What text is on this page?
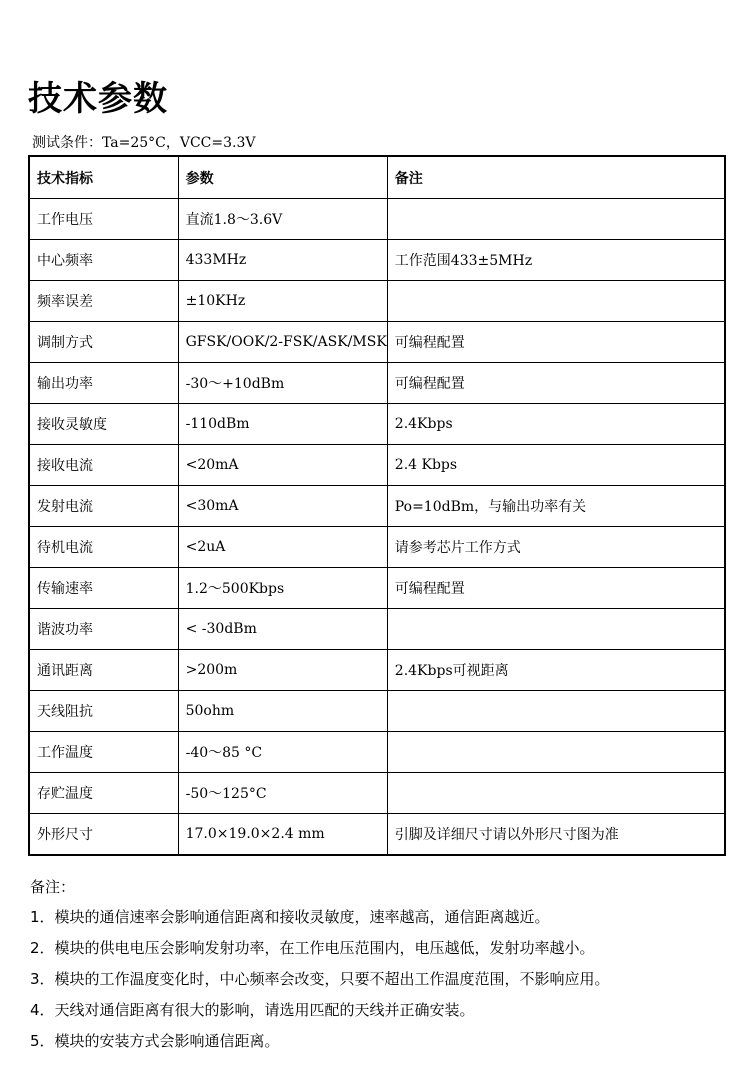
技术参数
测试条件：Ta=25°C，VCC=3.3V
技术指标	参数	备注
工作电压	直流1.8～3.6V	
中心频率	433MHz	工作范围433±5MHz
频率误差	±10KHz	
调制方式	GFSK/OOK/2-FSK/ASK/MSK	可编程配置
输出功率	-30～+10dBm	可编程配置
接收灵敏度	-110dBm	2.4Kbps
接收电流	<20mA	2.4 Kbps
发射电流	<30mA	Po=10dBm，与输出功率有关
待机电流	<2uA	请参考芯片工作方式
传输速率	1.2～500Kbps	可编程配置
谐波功率	< -30dBm	
通讯距离	>200m	2.4Kbps可视距离
天线阻抗	50ohm	
工作温度	-40～85 °C	
存贮温度	-50～125°C	
外形尺寸	17.0×19.0×2.4 mm	引脚及详细尺寸请以外形尺寸图为准
备注：
1．模块的通信速率会影响通信距离和接收灵敏度，速率越高，通信距离越近。
2．模块的供电电压会影响发射功率，在工作电压范围内，电压越低，发射功率越小。
3．模块的工作温度变化时，中心频率会改变，只要不超出工作温度范围，不影响应用。
4．天线对通信距离有很大的影响，请选用匹配的天线并正确安装。
5．模块的安装方式会影响通信距离。
